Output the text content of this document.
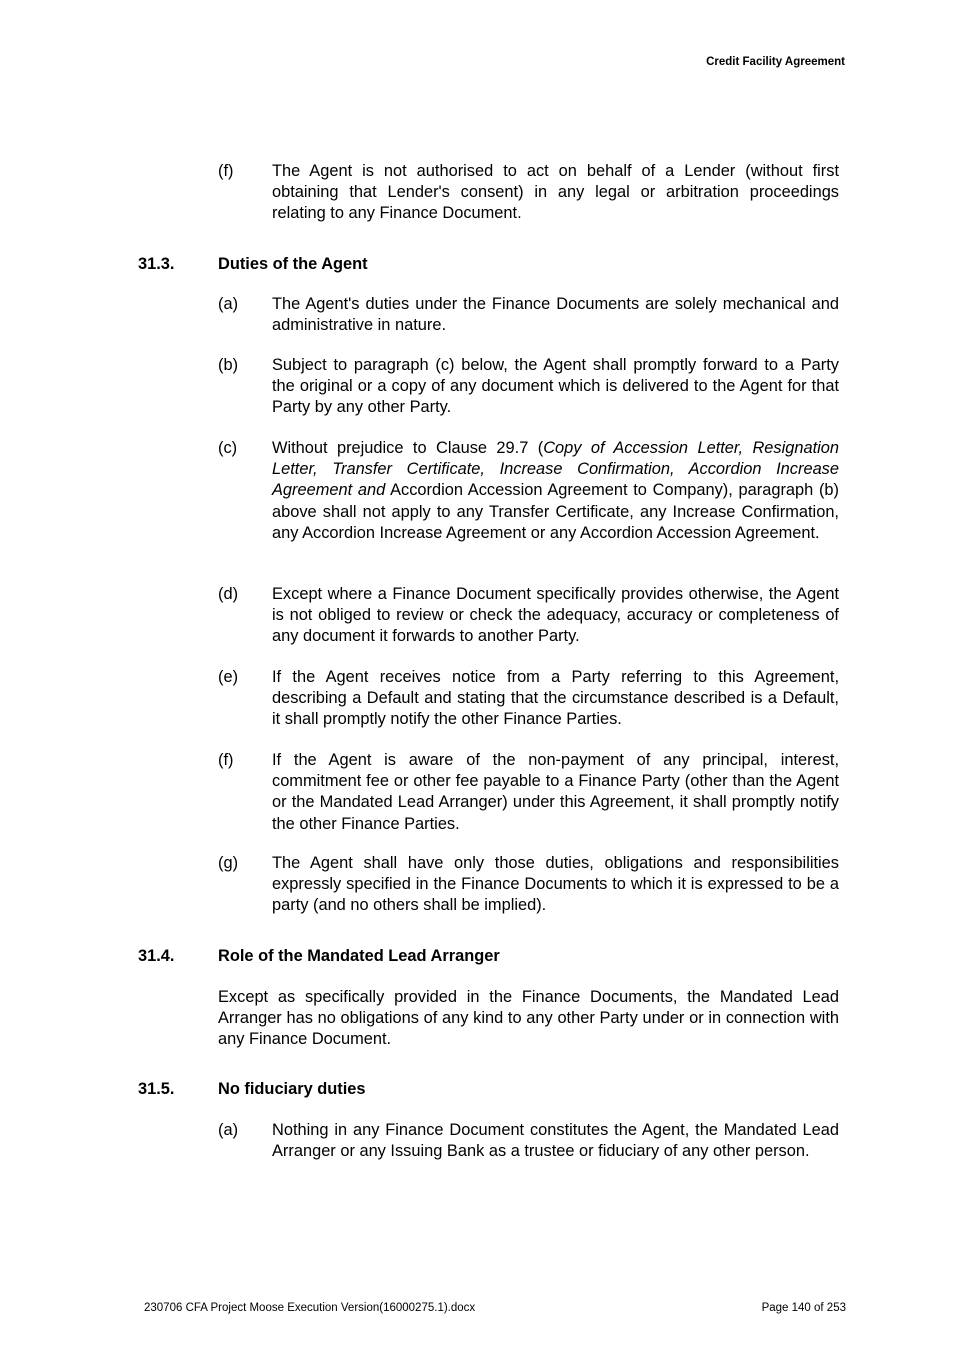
Credit Facility Agreement
(f) The Agent is not authorised to act on behalf of a Lender (without first obtaining that Lender's consent) in any legal or arbitration proceedings relating to any Finance Document.
31.3.	Duties of the Agent
(a) The Agent's duties under the Finance Documents are solely mechanical and administrative in nature.
(b) Subject to paragraph (c) below, the Agent shall promptly forward to a Party the original or a copy of any document which is delivered to the Agent for that Party by any other Party.
(c) Without prejudice to Clause 29.7 (Copy of Accession Letter, Resignation Letter, Transfer Certificate, Increase Confirmation, Accordion Increase Agreement and Accordion Accession Agreement to Company), paragraph (b) above shall not apply to any Transfer Certificate, any Increase Confirmation, any Accordion Increase Agreement or any Accordion Accession Agreement.
(d) Except where a Finance Document specifically provides otherwise, the Agent is not obliged to review or check the adequacy, accuracy or completeness of any document it forwards to another Party.
(e) If the Agent receives notice from a Party referring to this Agreement, describing a Default and stating that the circumstance described is a Default, it shall promptly notify the other Finance Parties.
(f) If the Agent is aware of the non-payment of any principal, interest, commitment fee or other fee payable to a Finance Party (other than the Agent or the Mandated Lead Arranger) under this Agreement, it shall promptly notify the other Finance Parties.
(g) The Agent shall have only those duties, obligations and responsibilities expressly specified in the Finance Documents to which it is expressed to be a party (and no others shall be implied).
31.4.	Role of the Mandated Lead Arranger
Except as specifically provided in the Finance Documents, the Mandated Lead Arranger has no obligations of any kind to any other Party under or in connection with any Finance Document.
31.5.	No fiduciary duties
(a) Nothing in any Finance Document constitutes the Agent, the Mandated Lead Arranger or any Issuing Bank as a trustee or fiduciary of any other person.
230706 CFA Project Moose Execution Version(16000275.1).docx	Page 140 of 253
